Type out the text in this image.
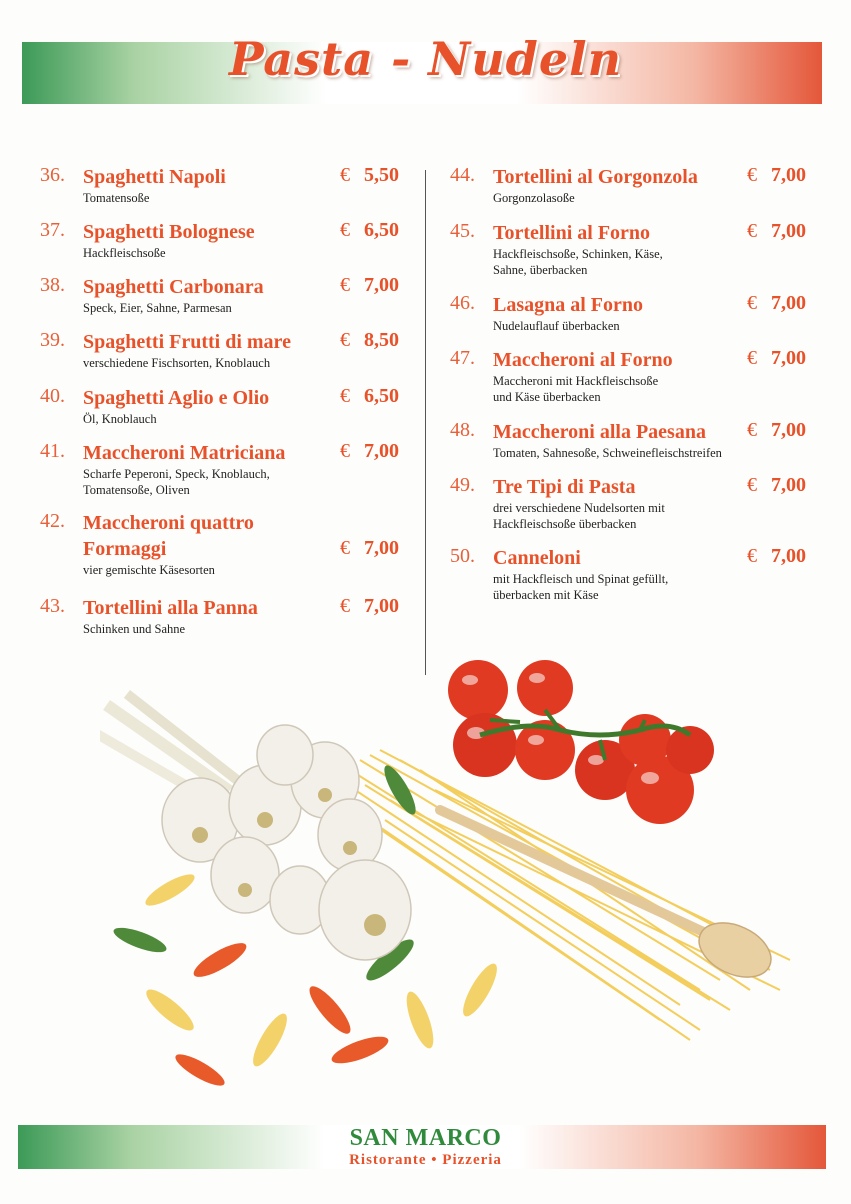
Pasta - Nudeln
36. Spaghetti Napoli
Tomatensoße
€ 5,50
37. Spaghetti Bolognese
Hackfleischsoße
€ 6,50
38. Spaghetti Carbonara
Speck, Eier, Sahne, Parmesan
€ 7,00
39. Spaghetti Frutti di mare
verschiedene Fischsorten, Knoblauch
€ 8,50
40. Spaghetti Aglio e Olio
Öl, Knoblauch
€ 6,50
41. Maccheroni Matriciana
Scharfe Peperoni, Speck, Knoblauch, Tomatensoße, Oliven
€ 7,00
42. Maccheroni quattro Formaggi
vier gemischte Käsesorten
€ 7,00
43. Tortellini alla Panna
Schinken und Sahne
€ 7,00
44. Tortellini al Gorgonzola
Gorgonzolasoße
€ 7,00
45. Tortellini al Forno
Hackfleischsoße, Schinken, Käse, Sahne, überbacken
€ 7,00
46. Lasagna al Forno
Nudelauflauf überbacken
€ 7,00
47. Maccheroni al Forno
Maccheroni mit Hackfleischsoße und Käse überbacken
€ 7,00
48. Maccheroni alla Paesana
Tomaten, Sahnesoße, Schweinefleischstreifen
€ 7,00
49. Tre Tipi di Pasta
drei verschiedene Nudelsorten mit Hackfleischsoße überbacken
€ 7,00
50. Canneloni
mit Hackfleisch und Spinat gefüllt, überbacken mit Käse
€ 7,00
SAN MARCO
Ristorante • Pizzeria
